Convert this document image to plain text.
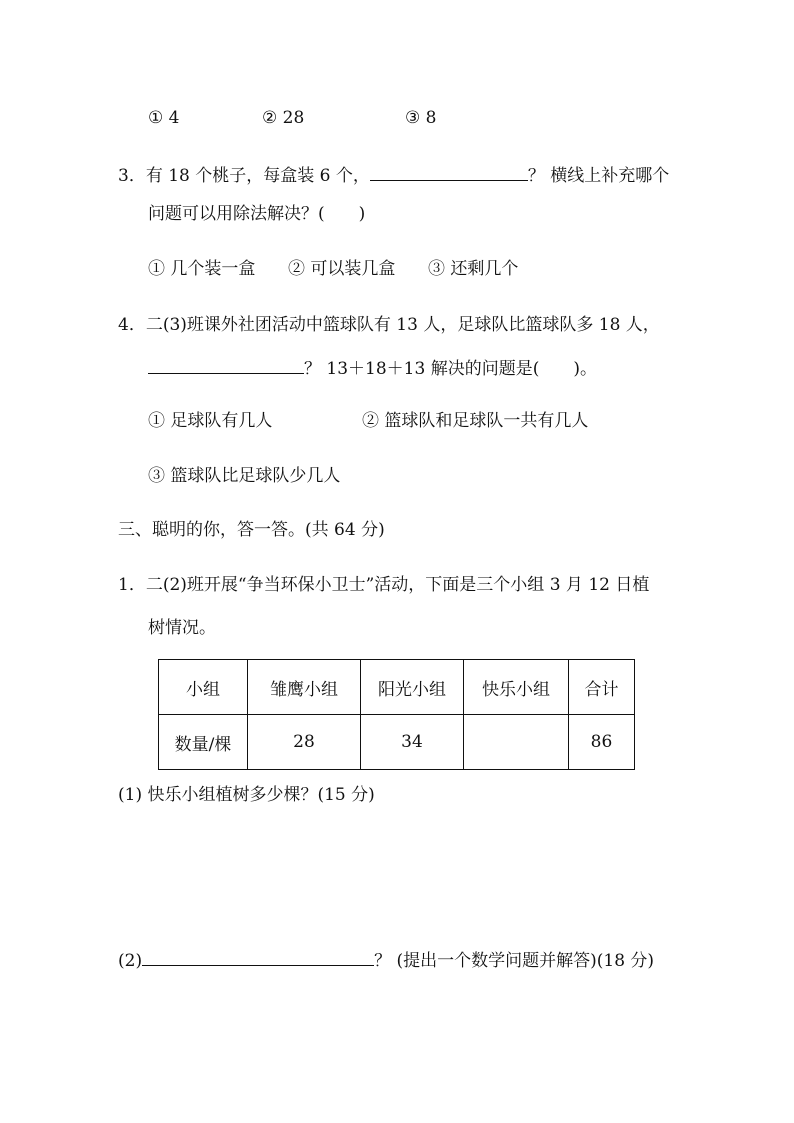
① 4	② 28	③ 8
3．有 18 个桃子，每盒装 6 个，	？ 横线上补充哪个
问题可以用除法解决？(　　)
① 几个装一盒 ② 可以装几盒 ③ 还剩几个
4．二(3)班课外社团活动中篮球队有 13 人，足球队比篮球队多 18 人，
？ 13＋18＋13 解决的问题是(　　)。
① 足球队有几人	② 篮球队和足球队一共有几人
③ 篮球队比足球队少几人
三、聪明的你，答一答。(共 64 分)
1．二(2)班开展“争当环保小卫士”活动，下面是三个小组 3 月 12 日植
树情况。
小组	雏鹰小组	阳光小组	快乐小组	合计
数量/棵	28	34		86
(1) 快乐小组植树多少棵？(15 分)
(2)	？ (提出一个数学问题并解答)(18 分)
